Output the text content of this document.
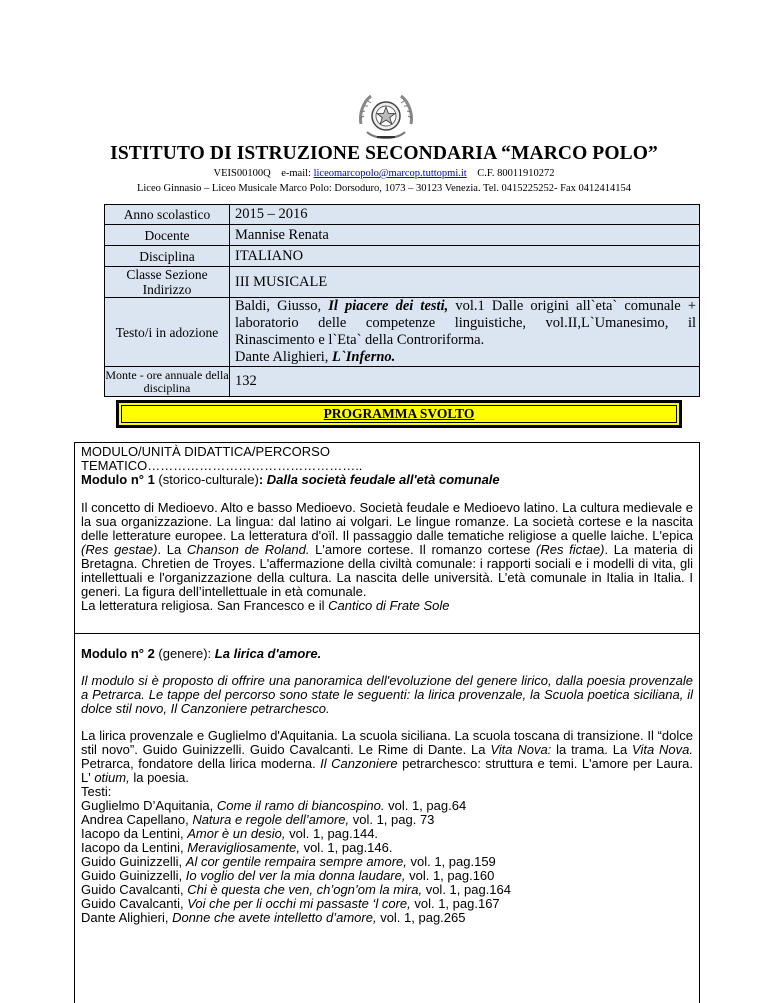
ISTITUTO DI ISTRUZIONE SECONDARIA “MARCO POLO”
VEIS00100Q e-mail: liceomarcopolo@marcop.tuttopmi.it C.F. 80011910272
Liceo Ginnasio – Liceo Musicale Marco Polo: Dorsoduro, 1073 – 30123 Venezia. Tel. 0415225252- Fax 0412414154
Anno scolastico	2015 – 2016
Docente	Mannise Renata
Disciplina	ITALIANO
Classe Sezione Indirizzo	III MUSICALE
Testo/i in adozione	Baldi, Giusso, Il piacere dei testi, vol.1 Dalle origini all`eta` comunale + laboratorio delle competenze linguistiche, vol.II,L`Umanesimo, il Rinascimento e l`Eta` della Controriforma.
Dante Alighieri, L`Inferno.
Monte - ore annuale della disciplina	132
PROGRAMMA SVOLTO

MODULO/UNITÀ DIDATTICA/PERCORSO

TEMATICO…………………………………………..

Modulo n° 1 (storico-culturale): Dalla società feudale all'età comunale

Il concetto di Medioevo. Alto e basso Medioevo. Società feudale e Medioevo latino. La cultura medievale e la sua organizzazione. La lingua: dal latino ai volgari. Le lingue romanze. La società cortese e la nascita delle letterature europee. La letteratura d'oïl. Il passaggio dalle tematiche religiose a quelle laiche. L'epica (Res gestae). La Chanson de Roland. L'amore cortese. Il romanzo cortese (Res fictae). La materia di Bretagna. Chretien de Troyes. L'affermazione della civiltà comunale: i rapporti sociali e i modelli di vita, gli intellettuali e l'organizzazione della cultura. La nascita delle università. L’età comunale in Italia in Italia. I generi. La figura dell’intellettuale in età comunale.

La letteratura religiosa. San Francesco e il Cantico di Frate Sole

Modulo n° 2 (genere): La lirica d'amore.

Il modulo si è proposto di offrire una panoramica dell'evoluzione del genere lirico, dalla poesia provenzale a Petrarca. Le tappe del percorso sono state le seguenti: la lirica provenzale, la Scuola poetica siciliana, il dolce stil novo, Il Canzoniere petrarchesco.

La lirica provenzale e Guglielmo d'Aquitania. La scuola siciliana. La scuola toscana di transizione. Il “dolce stil novo”. Guido Guinizzelli. Guido Cavalcanti. Le Rime di Dante. La Vita Nova: la trama. La Vita Nova. Petrarca, fondatore della lirica moderna. Il Canzoniere petrarchesco: struttura e temi. L'amore per Laura. L' otium, la poesia.

Testi:

Guglielmo D’Aquitania, Come il ramo di biancospino. vol. 1, pag.64

Andrea Capellano, Natura e regole dell’amore, vol. 1, pag. 73

Iacopo da Lentini, Amor è un desio, vol. 1, pag.144.

Iacopo da Lentini, Meravigliosamente, vol. 1, pag.146.

Guido Guinizzelli, Al cor gentile rempaira sempre amore, vol. 1, pag.159

Guido Guinizzelli, Io voglio del ver la mia donna laudare, vol. 1, pag.160

Guido Cavalcanti, Chi è questa che ven, ch’ogn’om la mira, vol. 1, pag.164

Guido Cavalcanti, Voi che per li occhi mi passaste ‘l core, vol. 1, pag.167

Dante Alighieri, Donne che avete intelletto d’amore, vol. 1, pag.265
